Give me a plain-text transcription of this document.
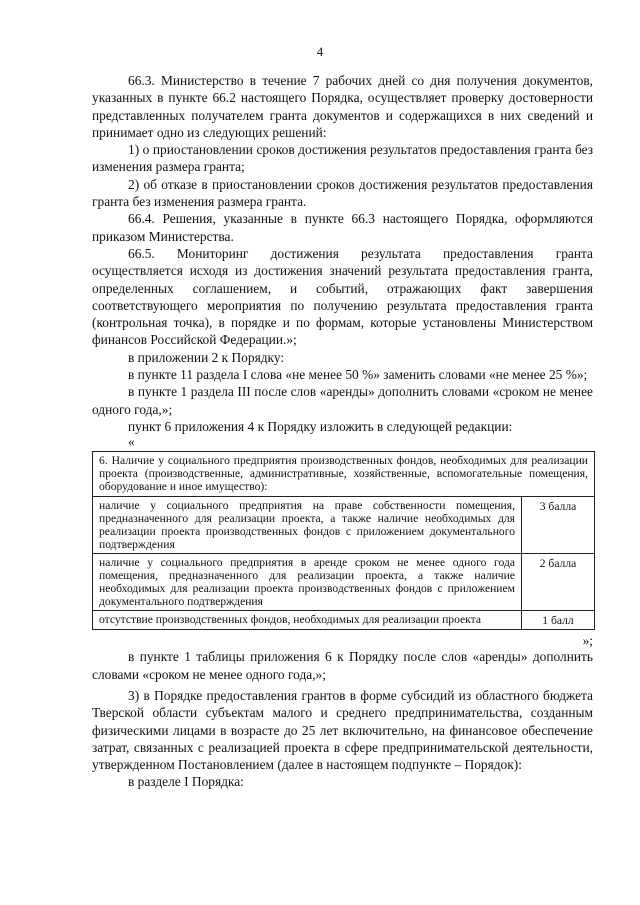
4

66.3. Министерство в течение 7 рабочих дней со дня получения документов, указанных в пункте 66.2 настоящего Порядка, осуществляет проверку достоверности представленных получателем гранта документов и содержащихся в них сведений и принимает одно из следующих решений:

1) о приостановлении сроков достижения результатов предоставления гранта без изменения размера гранта;

2) об отказе в приостановлении сроков достижения результатов предоставления гранта без изменения размера гранта.

66.4. Решения, указанные в пункте 66.3 настоящего Порядка, оформляются приказом Министерства.

66.5. Мониторинг достижения результата предоставления гранта осуществляется исходя из достижения значений результата предоставления гранта, определенных соглашением, и событий, отражающих факт завершения соответствующего мероприятия по получению результата предоставления гранта (контрольная точка), в порядке и по формам, которые установлены Министерством финансов Российской Федерации.»;

в приложении 2 к Порядку:

в пункте 11 раздела I слова «не менее 50 %» заменить словами «не менее 25 %»;

в пункте 1 раздела III после слов «аренды» дополнить словами «сроком не менее одного года,»;

пункт 6 приложения 4 к Порядку изложить в следующей редакции:

«
6. Наличие у социального предприятия производственных фондов, необходимых для реализации проекта (производственные, административные, хозяйственные, вспомогательные помещения, оборудование и иное имущество):	
наличие у социального предприятия на праве собственности помещения, предназначенного для реализации проекта, а также наличие необходимых для реализации проекта производственных фондов с приложением документального подтверждения	3 балла
наличие у социального предприятия в аренде сроком не менее одного года помещения, предназначенного для реализации проекта, а также наличие необходимых для реализации проекта производственных фондов с приложением документального подтверждения	2 балла
отсутствие производственных фондов, необходимых для реализации проекта	1 балл
»;

в пункте 1 таблицы приложения 6 к Порядку после слов «аренды» дополнить словами «сроком не менее одного года,»;

3) в Порядке предоставления грантов в форме субсидий из областного бюджета Тверской области субъектам малого и среднего предпринимательства, созданным физическими лицами в возрасте до 25 лет включительно, на финансовое обеспечение затрат, связанных с реализацией проекта в сфере предпринимательской деятельности, утвержденном Постановлением (далее в настоящем подпункте – Порядок):

в разделе I Порядка:
